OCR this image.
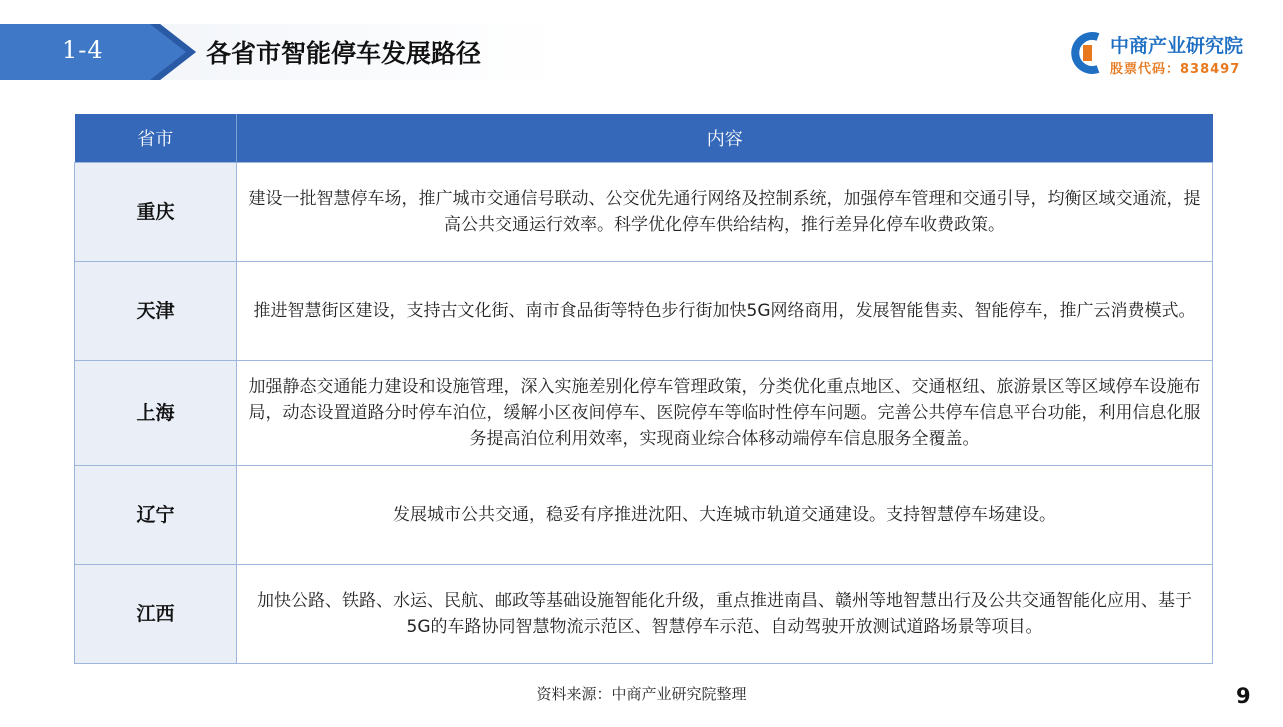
1-4	各省市智能停车发展路径	中商产业研究院
股票代码：838497
省市	内容
重庆	建设一批智慧停车场，推广城市交通信号联动、公交优先通行网络及控制系统，加强停车管理和交通引导，均衡区域交通流，提高公共交通运行效率。科学优化停车供给结构，推行差异化停车收费政策。
天津	推进智慧街区建设，支持古文化街、南市食品街等特色步行街加快5G网络商用，发展智能售卖、智能停车，推广云消费模式。
上海	加强静态交通能力建设和设施管理，深入实施差别化停车管理政策，分类优化重点地区、交通枢纽、旅游景区等区域停车设施布局，动态设置道路分时停车泊位，缓解小区夜间停车、医院停车等临时性停车问题。完善公共停车信息平台功能，利用信息化服务提高泊位利用效率，实现商业综合体移动端停车信息服务全覆盖。
辽宁	发展城市公共交通，稳妥有序推进沈阳、大连城市轨道交通建设。支持智慧停车场建设。
江西	加快公路、铁路、水运、民航、邮政等基础设施智能化升级，重点推进南昌、赣州等地智慧出行及公共交通智能化应用、基于5G的车路协同智慧物流示范区、智慧停车示范、自动驾驶开放测试道路场景等项目。
资料来源：中商产业研究院整理	9
